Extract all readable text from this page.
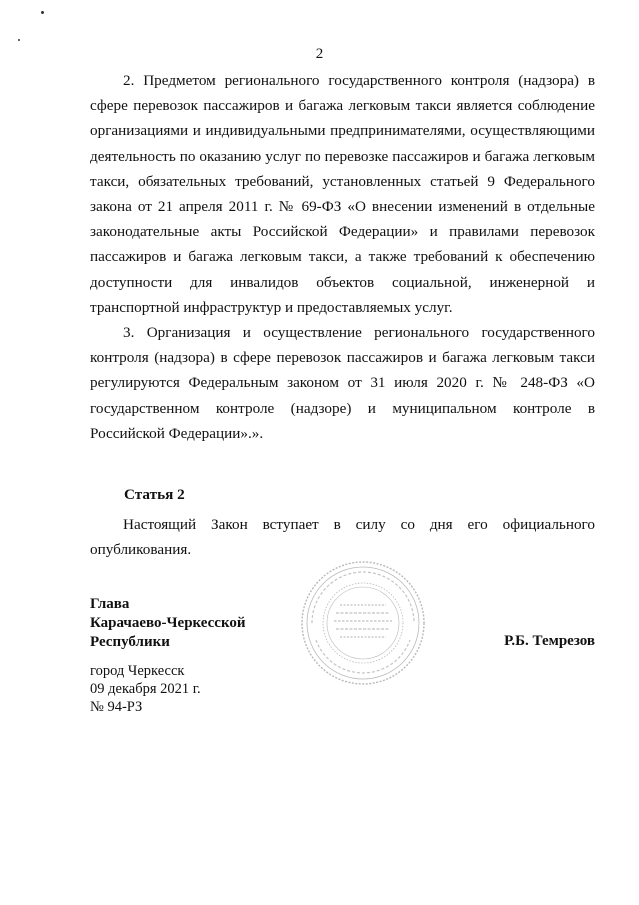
2

2. Предметом регионального государственного контроля (надзора) в сфере перевозок пассажиров и багажа легковым такси является соблюдение организациями и индивидуальными предпринимателями, осуществляющими деятельность по оказанию услуг по перевозке пассажиров и багажа легковым такси, обязательных требований, установленных статьей 9 Федерального закона от 21 апреля 2011 г. № 69-ФЗ «О внесении изменений в отдельные законодательные акты Российской Федерации» и правилами перевозок пассажиров и багажа легковым такси, а также требований к обеспечению доступности для инвалидов объектов социальной, инженерной и транспортной инфраструктур и предоставляемых услуг.

3. Организация и осуществление регионального государственного контроля (надзора) в сфере перевозок пассажиров и багажа легковым такси регулируются Федеральным законом от 31 июля 2020 г. № 248-ФЗ «О государственном контроле (надзоре) и муниципальном контроле в Российской Федерации».».

Статья 2

Настоящий Закон вступает в силу со дня его официального опубликования.

Глава
Карачаево-Черкесской
Республики	Р.Б. Темрезов

город Черкесск
09 декабря 2021 г.
№ 94-РЗ
